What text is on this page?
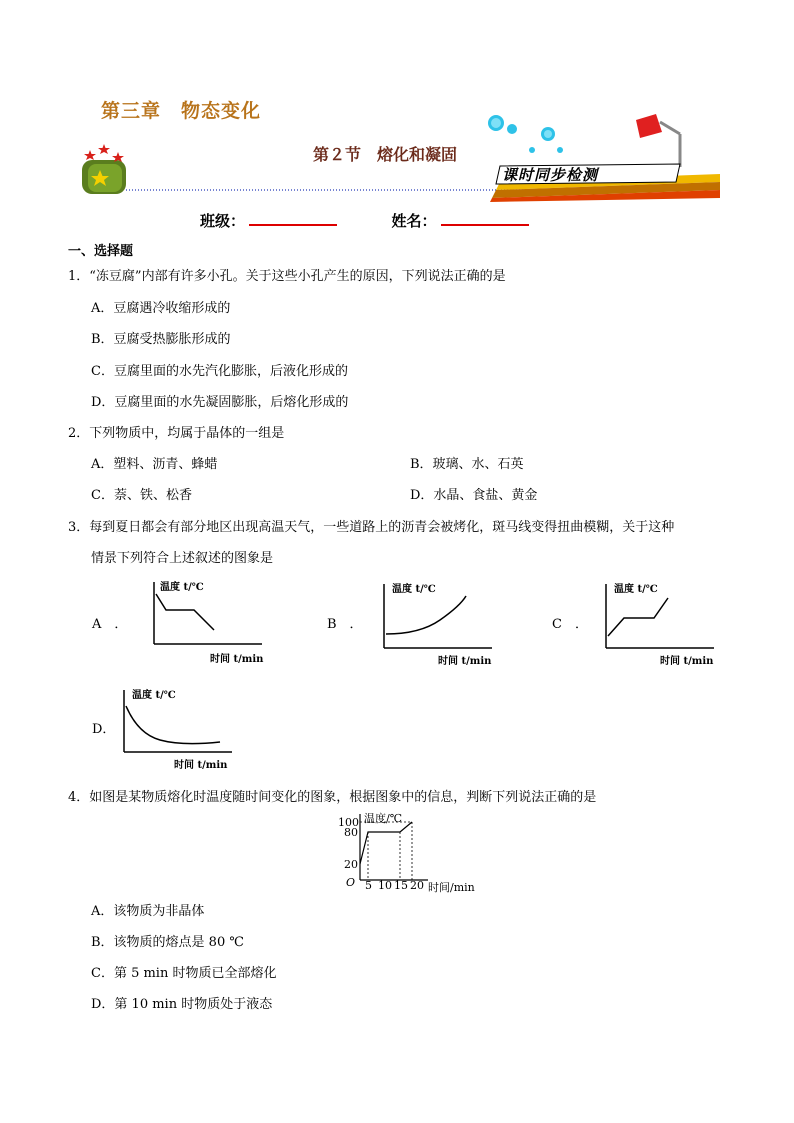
第三章　物态变化
课时同步检测
第２节　熔化和凝固
班级：	姓名：
一、选择题
1．“冻豆腐”内部有许多小孔。关于这些小孔产生的原因，下列说法正确的是
A．豆腐遇冷收缩形成的
B．豆腐受热膨胀形成的
C．豆腐里面的水先汽化膨胀，后液化形成的
D．豆腐里面的水先凝固膨胀，后熔化形成的
2．下列物质中，均属于晶体的一组是
A．塑料、沥青、蜂蜡	B．玻璃、水、石英
C．萘、铁、松香	D．水晶、食盐、黄金
3．每到夏日都会有部分地区出现高温天气，一些道路上的沥青会被烤化，斑马线变得扭曲模糊，关于这种
情景下列符合上述叙述的图象是
A　．
温度 t/℃
时间 t/min
B　．
温度 t/℃
时间 t/min
C　．
温度 t/℃
时间 t/min
D．
温度 t/℃
时间 t/min
4．如图是某物质熔化时温度随时间变化的图象，根据图象中的信息，判断下列说法正确的是
温度/℃
100
80
20
O 5 10 15 20 时间/min
A．该物质为非晶体
B．该物质的熔点是 80 ℃
C．第 5 min 时物质已全部熔化
D．第 10 min 时物质处于液态
